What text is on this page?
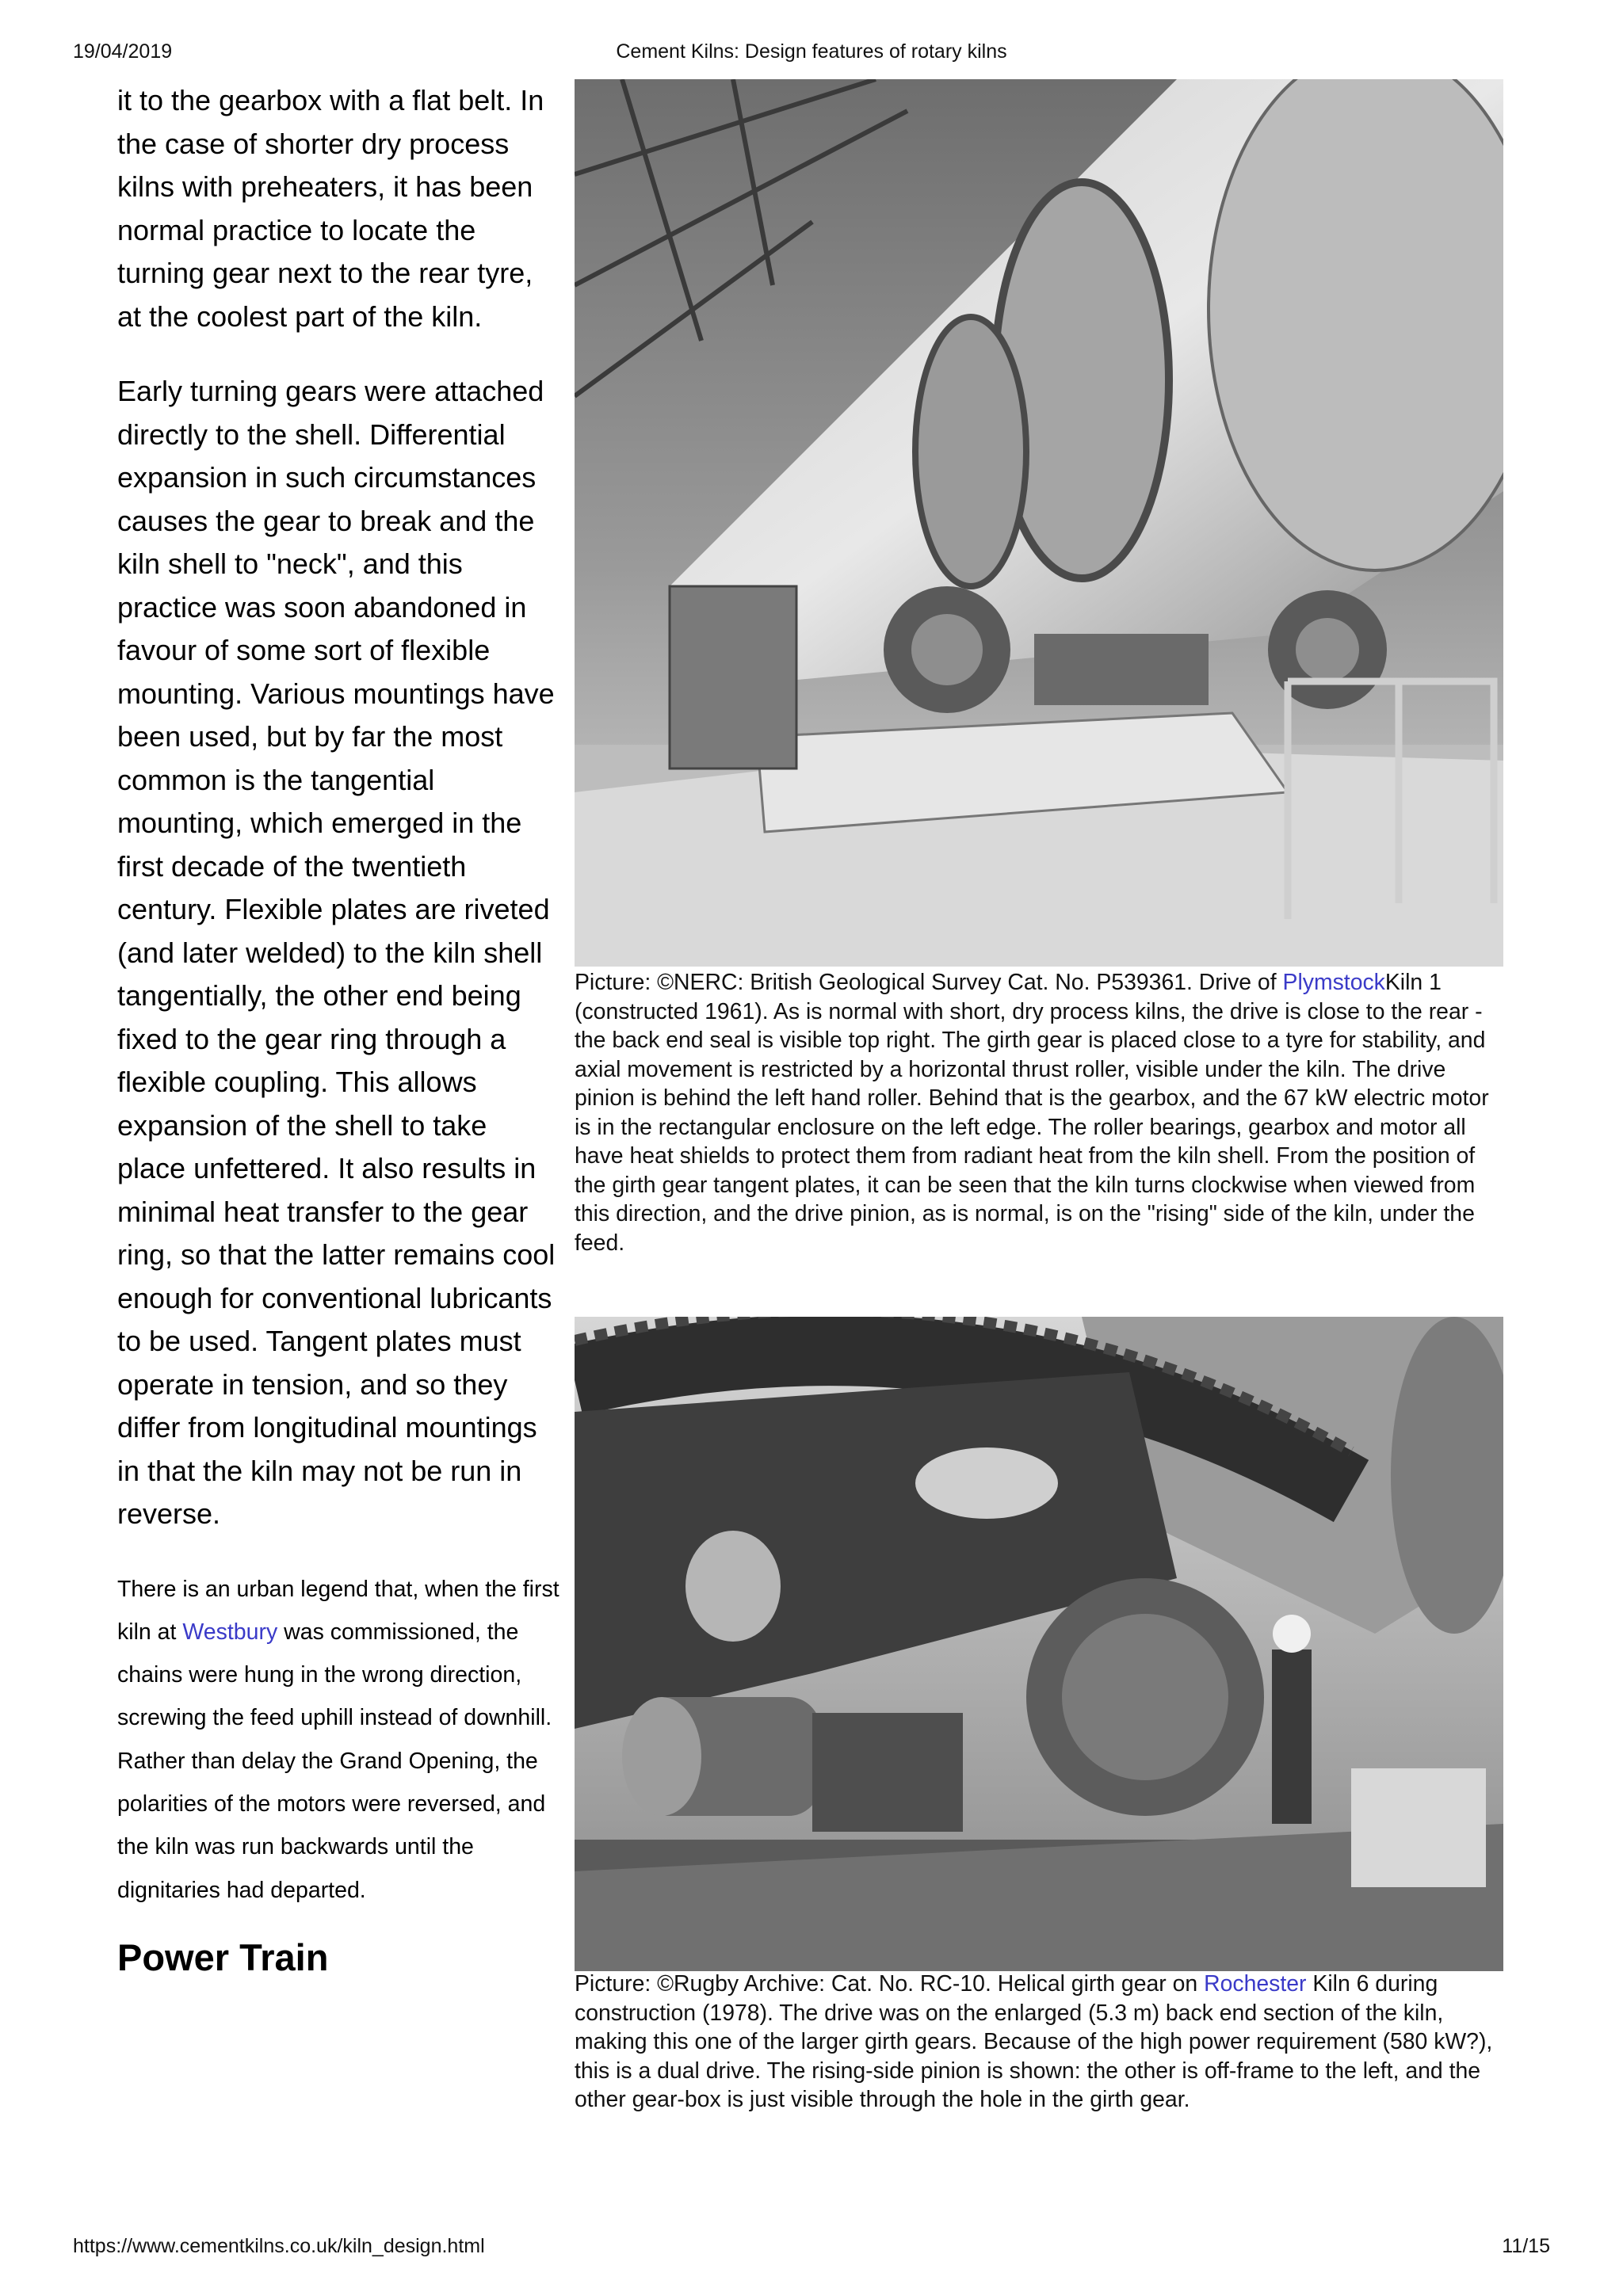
19/04/2019	Cement Kilns: Design features of rotary kilns

it to the gearbox with a flat belt. In the case of shorter dry process kilns with preheaters, it has been normal practice to locate the turning gear next to the rear tyre, at the coolest part of the kiln.

Early turning gears were attached directly to the shell. Differential expansion in such circumstances causes the gear to break and the kiln shell to "neck", and this practice was soon abandoned in favour of some sort of flexible mounting. Various mountings have been used, but by far the most common is the tangential mounting, which emerged in the first decade of the twentieth century. Flexible plates are riveted (and later welded) to the kiln shell tangentially, the other end being fixed to the gear ring through a flexible coupling. This allows expansion of the shell to take place unfettered. It also results in minimal heat transfer to the gear ring, so that the latter remains cool enough for conventional lubricants to be used. Tangent plates must operate in tension, and so they differ from longitudinal mountings in that the kiln may not be run in reverse.

There is an urban legend that, when the first kiln at Westbury was commissioned, the chains were hung in the wrong direction, screwing the feed uphill instead of downhill. Rather than delay the Grand Opening, the polarities of the motors were reversed, and the kiln was run backwards until the dignitaries had departed.

Power Train
Picture: ©NERC: British Geological Survey Cat. No. P539361. Drive of PlymstockKiln 1 (constructed 1961). As is normal with short, dry process kilns, the drive is close to the rear - the back end seal is visible top right. The girth gear is placed close to a tyre for stability, and axial movement is restricted by a horizontal thrust roller, visible under the kiln. The drive pinion is behind the left hand roller. Behind that is the gearbox, and the 67 kW electric motor is in the rectangular enclosure on the left edge. The roller bearings, gearbox and motor all have heat shields to protect them from radiant heat from the kiln shell. From the position of the girth gear tangent plates, it can be seen that the kiln turns clockwise when viewed from this direction, and the drive pinion, as is normal, is on the "rising" side of the kiln, under the feed.
Picture: ©Rugby Archive: Cat. No. RC-10. Helical girth gear on Rochester Kiln 6 during construction (1978). The drive was on the enlarged (5.3 m) back end section of the kiln, making this one of the larger girth gears. Because of the high power requirement (580 kW?), this is a dual drive. The rising-side pinion is shown: the other is off-frame to the left, and the other gear-box is just visible through the hole in the girth gear.
https://www.cementkilns.co.uk/kiln_design.html	11/15
